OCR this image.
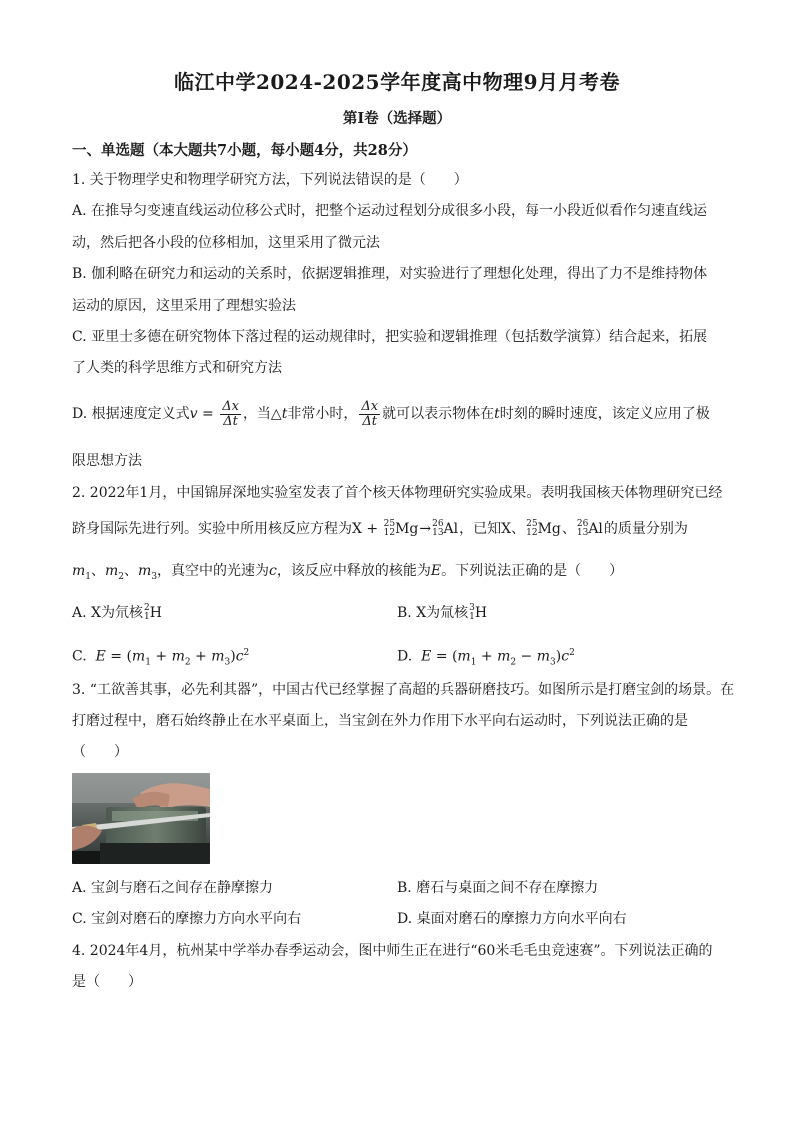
临江中学2024-2025学年度高中物理9月月考卷
第I卷（选择题）
一、单选题（本大题共7小题，每小题4分，共28分）
1. 关于物理学史和物理学研究方法，下列说法错误的是（　　）
A. 在推导匀变速直线运动位移公式时，把整个运动过程划分成很多小段，每一小段近似看作匀速直线运
动，然后把各小段的位移相加，这里采用了微元法
B. 伽利略在研究力和运动的关系时，依据逻辑推理，对实验进行了理想化处理，得出了力不是维持物体
运动的原因，这里采用了理想实验法
C. 亚里士多德在研究物体下落过程的运动规律时，把实验和逻辑推理（包括数学演算）结合起来，拓展
了人类的科学思维方式和研究方法
D. 根据速度定义式$v = \frac{\Delta x}{\Delta t}$ ，当△t非常小时， $\frac{\Delta x}{\Delta t}$ 就可以表示物体在t时刻的瞬时速度，该定义应用了极
限思想方法
2. 2022年1月，中国锦屏深地实验室发表了首个核天体物理研究实验成果。表明我国核天体物理研究已经
跻身国际先进行列。实验中所用核反应方程为X + 25
12 Mg→ 26
13 Al，已知X、 25
12 Mg、 26
13 Al的质量分别为
$m_1$、$m_2$、$m_3$，真空中的光速为c，该反应中释放的核能为E。下列说法正确的是（　　）
A. X为氘核 2
1 H	B. X为氚核 3
1 H
C. $E = (m_1 + m_2 + m_3)c^2$	D. $E = (m_1 + m_2 - m_3)c^2$
3. “工欲善其事，必先利其器”，中国古代已经掌握了高超的兵器研磨技巧。如图所示是打磨宝剑的场景。在
打磨过程中，磨石始终静止在水平桌面上，当宝剑在外力作用下水平向右运动时，下列说法正确的是
（　　）
A. 宝剑与磨石之间存在静摩擦力	B. 磨石与桌面之间不存在摩擦力
C. 宝剑对磨石的摩擦力方向水平向右	D. 桌面对磨石的摩擦力方向水平向右
4. 2024年4月，杭州某中学举办春季运动会，图中师生正在进行“60米毛毛虫竞速赛”。下列说法正确的
是（　　）
